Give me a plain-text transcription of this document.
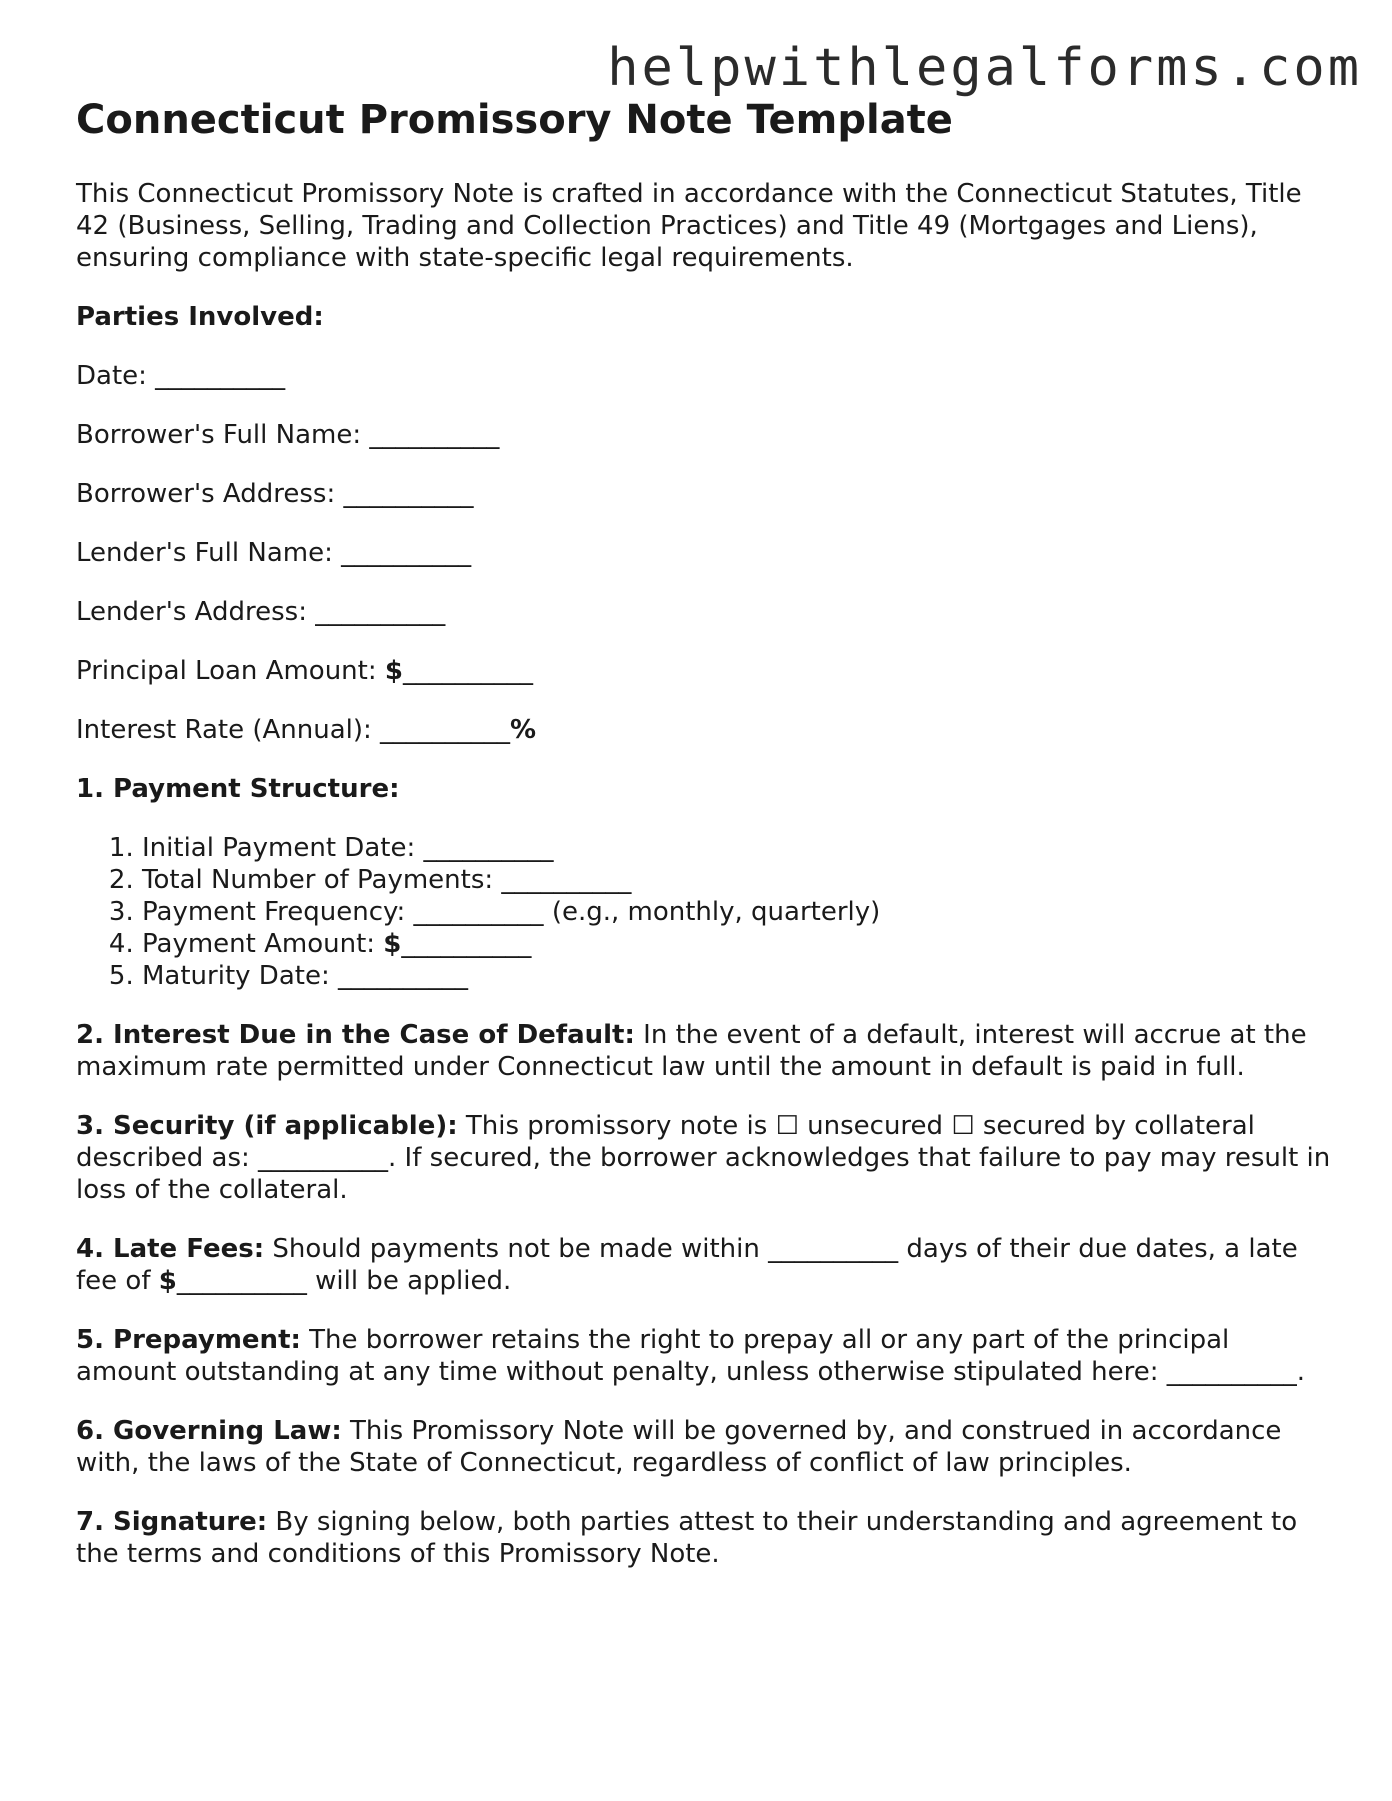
helpwithlegalforms.com
Connecticut Promissory Note Template

This Connecticut Promissory Note is crafted in accordance with the Connecticut Statutes, Title 42 (Business, Selling, Trading and Collection Practices) and Title 49 (Mortgages and Liens), ensuring compliance with state-specific legal requirements.

Parties Involved:

Date: __________

Borrower's Full Name: __________

Borrower's Address: __________

Lender's Full Name: __________

Lender's Address: __________

Principal Loan Amount: $__________

Interest Rate (Annual): __________%

1. Payment Structure:

1. Initial Payment Date: __________
2. Total Number of Payments: __________
3. Payment Frequency: __________ (e.g., monthly, quarterly)
4. Payment Amount: $__________
5. Maturity Date: __________

2. Interest Due in the Case of Default: In the event of a default, interest will accrue at the maximum rate permitted under Connecticut law until the amount in default is paid in full.

3. Security (if applicable): This promissory note is ☐ unsecured ☐ secured by collateral described as: __________. If secured, the borrower acknowledges that failure to pay may result in loss of the collateral.

4. Late Fees: Should payments not be made within __________ days of their due dates, a late fee of $__________ will be applied.

5. Prepayment: The borrower retains the right to prepay all or any part of the principal amount outstanding at any time without penalty, unless otherwise stipulated here: __________.

6. Governing Law: This Promissory Note will be governed by, and construed in accordance with, the laws of the State of Connecticut, regardless of conflict of law principles.

7. Signature: By signing below, both parties attest to their understanding and agreement to the terms and conditions of this Promissory Note.
